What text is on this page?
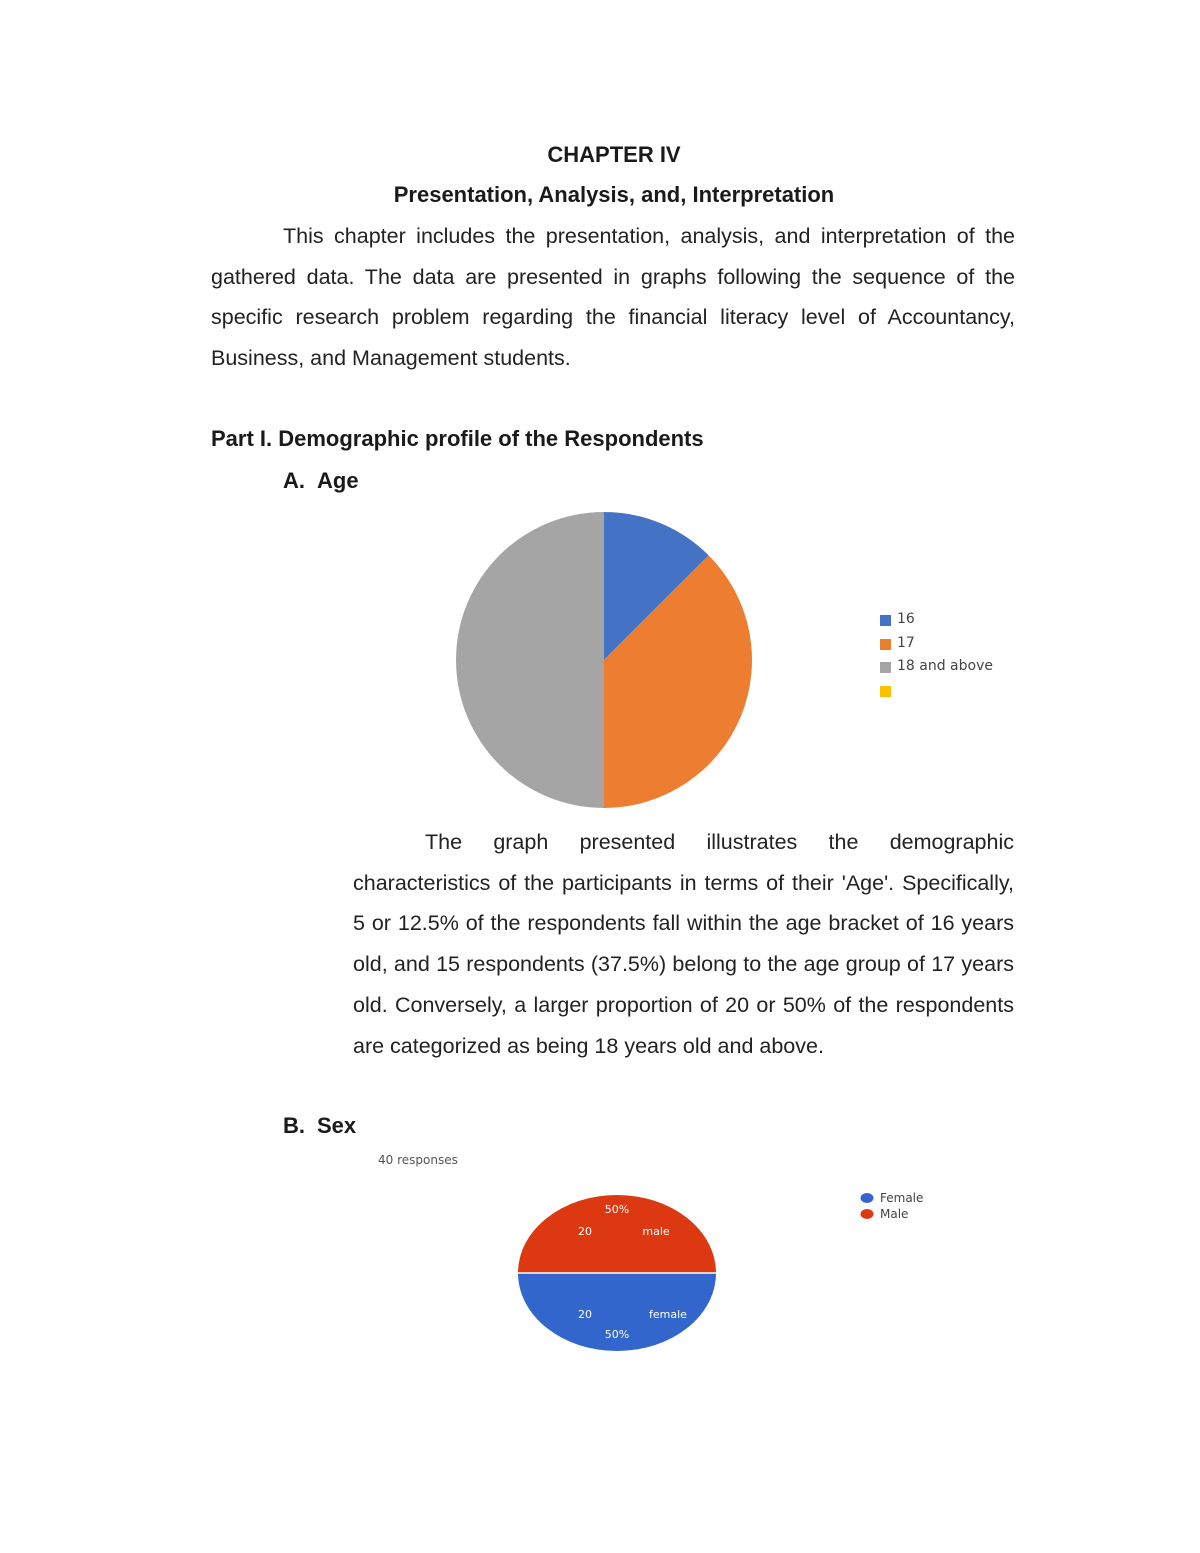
CHAPTER IV
Presentation, Analysis, and, Interpretation
This chapter includes the presentation, analysis, and interpretation of the gathered data. The data are presented in graphs following the sequence of the specific research problem regarding the financial literacy level of Accountancy, Business, and Management students.
Part I. Demographic profile of the Respondents
A. Age
16
17
18 and above
The graph presented illustrates the demographic characteristics of the participants in terms of their 'Age'. Specifically, 5 or 12.5% of the respondents fall within the age bracket of 16 years old, and 15 respondents (37.5%) belong to the age group of 17 years old. Conversely, a larger proportion of 20 or 50% of the respondents are categorized as being 18 years old and above.
B. Sex
40 responses
50%
20	male
20	female
50%
Female
Male
